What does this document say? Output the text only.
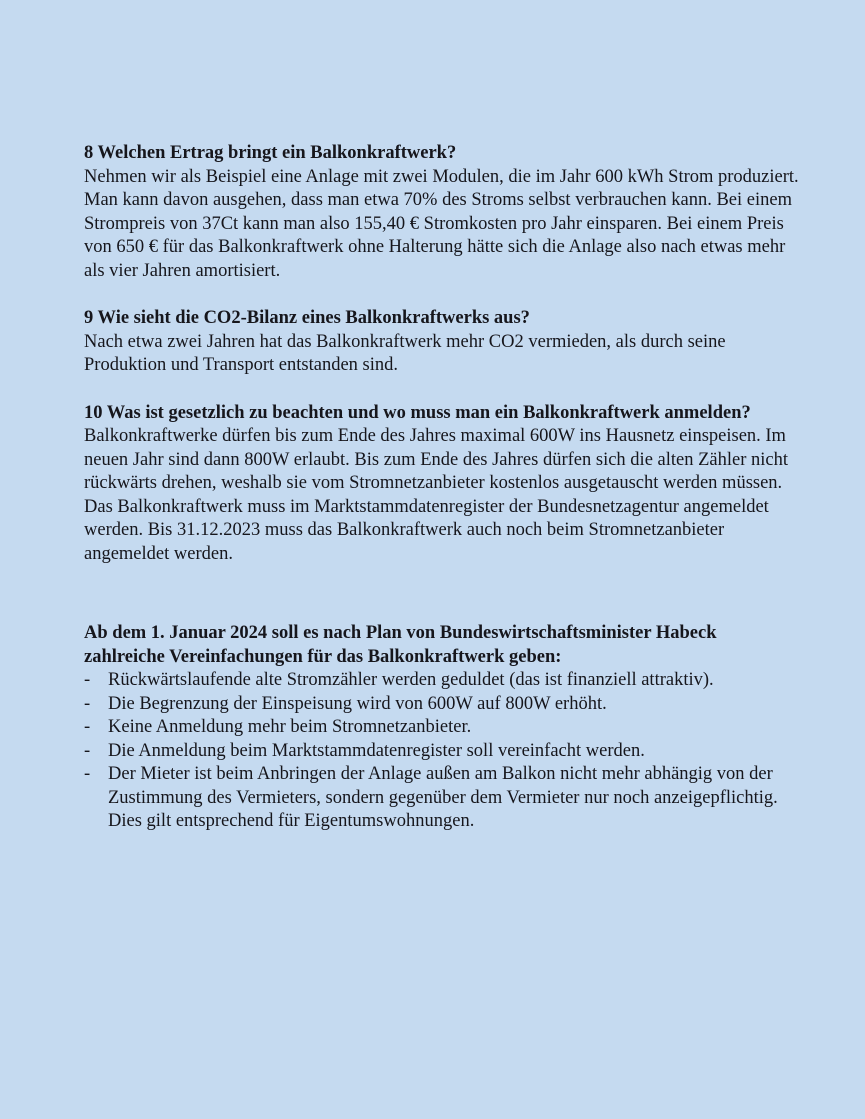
8 Welchen Ertrag bringt ein Balkonkraftwerk?

Nehmen wir als Beispiel eine Anlage mit zwei Modulen, die im Jahr 600 kWh Strom produziert. Man kann davon ausgehen, dass man etwa 70% des Stroms selbst verbrauchen kann. Bei einem Strompreis von 37Ct kann man also 155,40 € Stromkosten pro Jahr einsparen. Bei einem Preis von 650 € für das Balkonkraftwerk ohne Halterung hätte sich die Anlage also nach etwas mehr als vier Jahren amortisiert.

9 Wie sieht die CO2-Bilanz eines Balkonkraftwerks aus?

Nach etwa zwei Jahren hat das Balkonkraftwerk mehr CO2 vermieden, als durch seine Produktion und Transport entstanden sind.

10 Was ist gesetzlich zu beachten und wo muss man ein Balkonkraftwerk anmelden?

Balkonkraftwerke dürfen bis zum Ende des Jahres maximal 600W ins Hausnetz einspeisen. Im neuen Jahr sind dann 800W erlaubt. Bis zum Ende des Jahres dürfen sich die alten Zähler nicht rückwärts drehen, weshalb sie vom Stromnetzanbieter kostenlos ausgetauscht werden müssen.

Das Balkonkraftwerk muss im Marktstammdatenregister der Bundesnetzagentur angemeldet werden. Bis 31.12.2023 muss das Balkonkraftwerk auch noch beim Stromnetzanbieter angemeldet werden.

Ab dem 1. Januar 2024 soll es nach Plan von Bundeswirtschaftsminister Habeck zahlreiche Vereinfachungen für das Balkonkraftwerk geben:

- Rückwärtslaufende alte Stromzähler werden geduldet (das ist finanziell attraktiv).
- Die Begrenzung der Einspeisung wird von 600W auf 800W erhöht.
- Keine Anmeldung mehr beim Stromnetzanbieter.
- Die Anmeldung beim Marktstammdatenregister soll vereinfacht werden.
- Der Mieter ist beim Anbringen der Anlage außen am Balkon nicht mehr abhängig von der Zustimmung des Vermieters, sondern gegenüber dem Vermieter nur noch anzeigepflichtig. Dies gilt entsprechend für Eigentumswohnungen.
